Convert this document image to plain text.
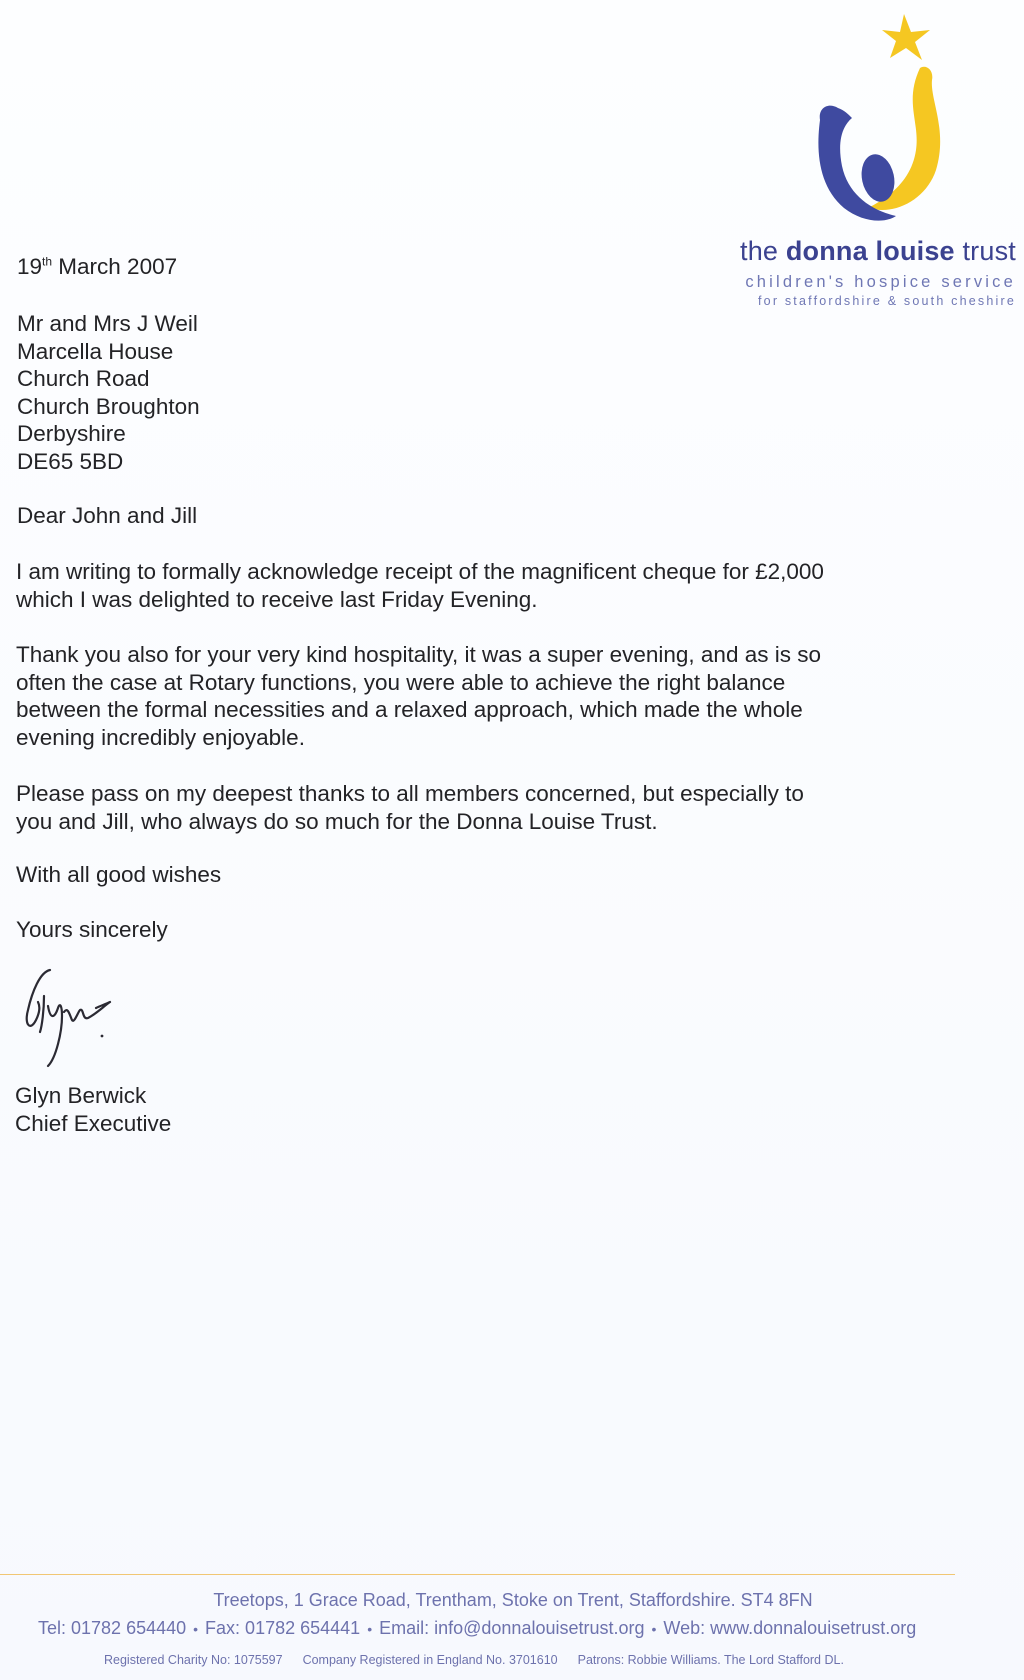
the donna louise trust
children's hospice service
for staffordshire & south cheshire
19th March 2007
Mr and Mrs J Weil
Marcella House
Church Road
Church Broughton
Derbyshire
DE65 5BD
Dear John and Jill
I am writing to formally acknowledge receipt of the magnificent cheque for £2,000
which I was delighted to receive last Friday Evening.
Thank you also for your very kind hospitality, it was a super evening, and as is so
often the case at Rotary functions, you were able to achieve the right balance
between the formal necessities and a relaxed approach, which made the whole
evening incredibly enjoyable.
Please pass on my deepest thanks to all members concerned, but especially to
you and Jill, who always do so much for the Donna Louise Trust.
With all good wishes
Yours sincerely
Glyn Berwick
Chief Executive
Treetops, 1 Grace Road, Trentham, Stoke on Trent, Staffordshire. ST4 8FN
Tel: 01782 654440 • Fax: 01782 654441 • Email: info@donnalouisetrust.org • Web: www.donnalouisetrust.org
Registered Charity No: 1075597 Company Registered in England No. 3701610 Patrons: Robbie Williams. The Lord Stafford DL.
